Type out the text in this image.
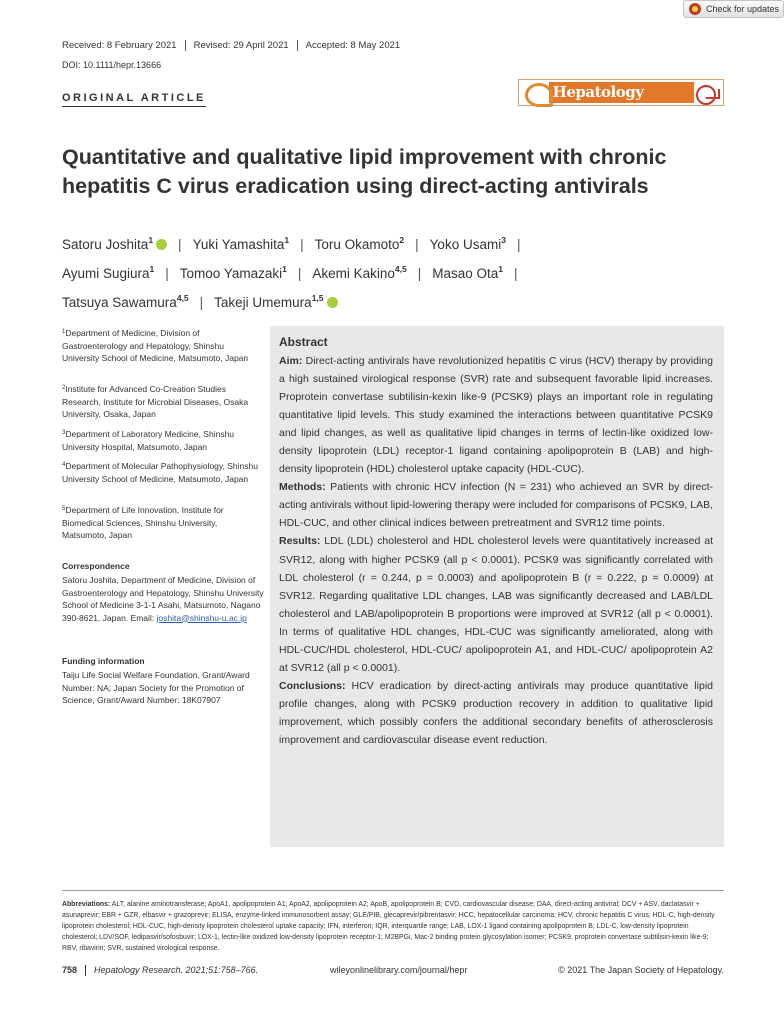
Check for updates
Received: 8 February 2021	Revised: 29 April 2021	Accepted: 8 May 2021
DOI: 10.1111/hepr.13666
ORIGINAL ARTICLE	Hepatology Research
Quantitative and qualitative lipid improvement with chronic hepatitis C virus eradication using direct-acting antivirals
Satoru Joshita$^1$ | Yuki Yamashita$^1$ | Toru Okamoto$^2$ | Yoko Usami$^3$ |
Ayumi Sugiura$^1$ | Tomoo Yamazaki$^1$ | Akemi Kakino$^{4,5}$ | Masao Ota$^1$ |
Tatsuya Sawamura$^{4,5}$ | Takeji Umemura$^{1,5}$
$^1$Department of Medicine, Division of Gastroenterology and Hepatology, Shinshu University School of Medicine, Matsumoto, Japan
$^2$Institute for Advanced Co-Creation Studies Research, Institute for Microbial Diseases, Osaka University, Osaka, Japan
$^3$Department of Laboratory Medicine, Shinshu University Hospital, Matsumoto, Japan
$^4$Department of Molecular Pathophysiology, Shinshu University School of Medicine, Matsumoto, Japan
$^5$Department of Life Innovation, Institute for Biomedical Sciences, Shinshu University, Matsumoto, Japan
Correspondence
Satoru Joshita, Department of Medicine, Division of Gastroenterology and Hepatology, Shinshu University School of Medicine 3-1-1 Asahi, Matsumoto, Nagano 390-8621, Japan. Email: joshita@shinshu-u.ac.jp
Funding information
Taiju Life Social Welfare Foundation, Grant/Award Number: NA; Japan Society for the Promotion of Science, Grant/Award Number: 18K07907
Abstract

Aim: Direct-acting antivirals have revolutionized hepatitis C virus (HCV) therapy by providing a high sustained virological response (SVR) rate and subsequent favorable lipid increases. Proprotein convertase subtilisin-kexin like-9 (PCSK9) plays an important role in regulating quantitative lipid levels. This study examined the interactions between quantitative PCSK9 and lipid changes, as well as qualitative lipid changes in terms of lectin-like oxidized low-density lipoprotein (LDL) receptor-1 ligand containing apolipoprotein B (LAB) and high-density lipoprotein (HDL) cholesterol uptake capacity (HDL-CUC).

Methods: Patients with chronic HCV infection (N = 231) who achieved an SVR by direct-acting antivirals without lipid-lowering therapy were included for comparisons of PCSK9, LAB, HDL-CUC, and other clinical indices between pretreatment and SVR12 time points.

Results: LDL (LDL) cholesterol and HDL cholesterol levels were quantitatively increased at SVR12, along with higher PCSK9 (all p < 0.0001). PCSK9 was significantly correlated with LDL cholesterol (r = 0.244, p = 0.0003) and apolipoprotein B (r = 0.222, p = 0.0009) at SVR12. Regarding qualitative LDL changes, LAB was significantly decreased and LAB/LDL cholesterol and LAB/apolipoprotein B proportions were improved at SVR12 (all p < 0.0001). In terms of qualitative HDL changes, HDL-CUC was significantly ameliorated, along with HDL-CUC/HDL cholesterol, HDL-CUC/ apolipoprotein A1, and HDL-CUC/ apolipoprotein A2 at SVR12 (all p < 0.0001).

Conclusions: HCV eradication by direct-acting antivirals may produce quantitative lipid profile changes, along with PCSK9 production recovery in addition to qualitative lipid improvement, which possibly confers the additional secondary benefits of atherosclerosis improvement and cardiovascular disease event reduction.

Abbreviations: ALT, alanine aminotransferase; ApoA1, apolipoprotein A1; ApoA2, apolipoprotein A2; ApoB, apolipoprotein B; CVD, cardiovascular disease; DAA, direct-acting antiviral; DCV + ASV, daclatasvir + asunaprevir; EBR + GZR, elbasvir + grazoprevir; ELISA, enzyme-linked immunosorbent assay; GLE/PIB, glecaprevir/pibrentasvir; HCC, hepatocellular carcinoma; HCV, chronic hepatitis C virus; HDL-C, high-density lipoprotein cholesterol; HDL-CUC, high-density lipoprotein cholesterol uptake capacity; IFN, interferon; IQR, interquartile range; LAB, LOX-1 ligand containing apolipoprotein B; LDL-C, low-density lipoprotein cholesterol; LDV/SOF, ledipasvir/sofosbuvir; LOX-1, lectin-like oxidized low-density lipoprotein receptor-1; M2BPGi, Mac-2 binding protein glycosylation isomer; PCSK9, proprotein convertase subtilisin-kexin like-9; RBV, ribavirin; SVR, sustained virological response.
758	Hepatology Research. 2021;51:758–766.	wileyonlinelibrary.com/journal/hepr	© 2021 The Japan Society of Hepatology.
